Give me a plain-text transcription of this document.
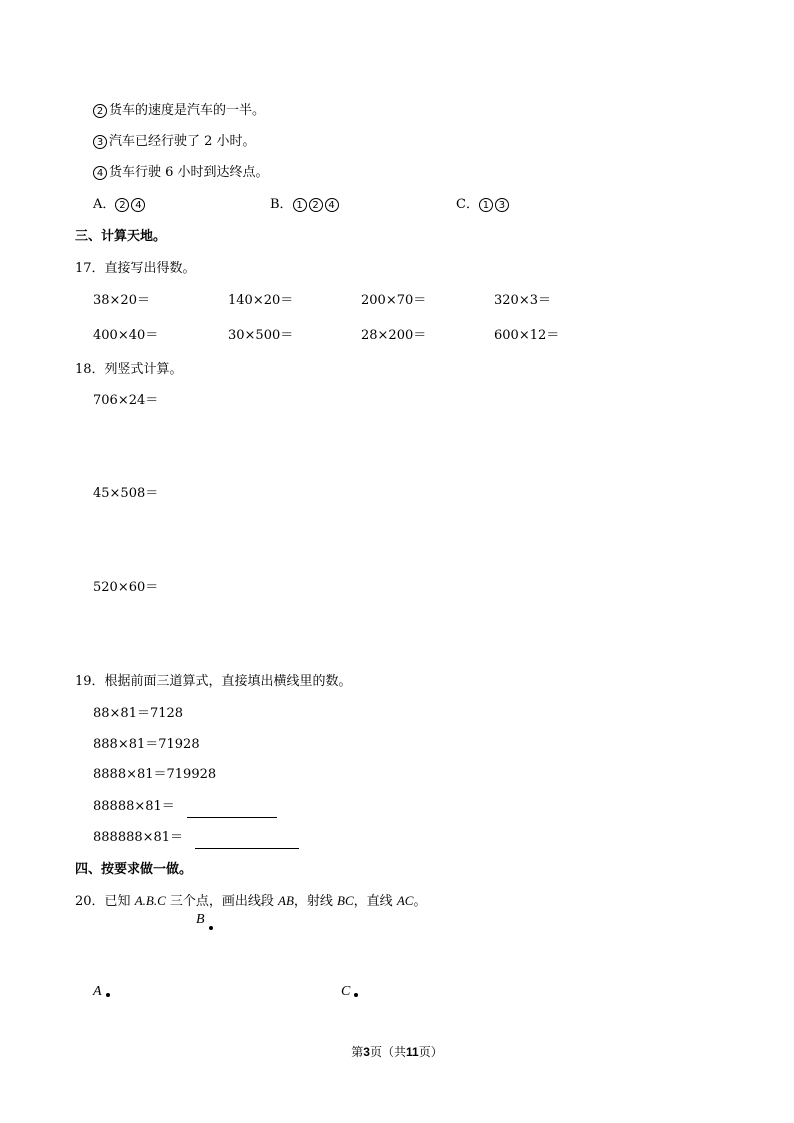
2 货车的速度是汽车的一半。
3 汽车已经行驶了 2 小时。
4 货车行驶 6 小时到达终点。
A． 2 4	B． 1 2 4	C． 1 3
三、计算天地。
17．直接写出得数。
38×20＝	140×20＝	200×70＝	320×3＝
400×40＝	30×500＝	28×200＝	600×12＝
18．列竖式计算。
706×24＝
45×508＝
520×60＝
19．根据前面三道算式，直接填出横线里的数。
88×81＝7128
888×81＝71928
8888×81＝719928
88888×81＝
888888×81＝
四、按要求做一做。
20．已知 A.B.C 三个点，画出线段 AB，射线 BC，直线 AC。
B
A	C
第3页（共11页）
